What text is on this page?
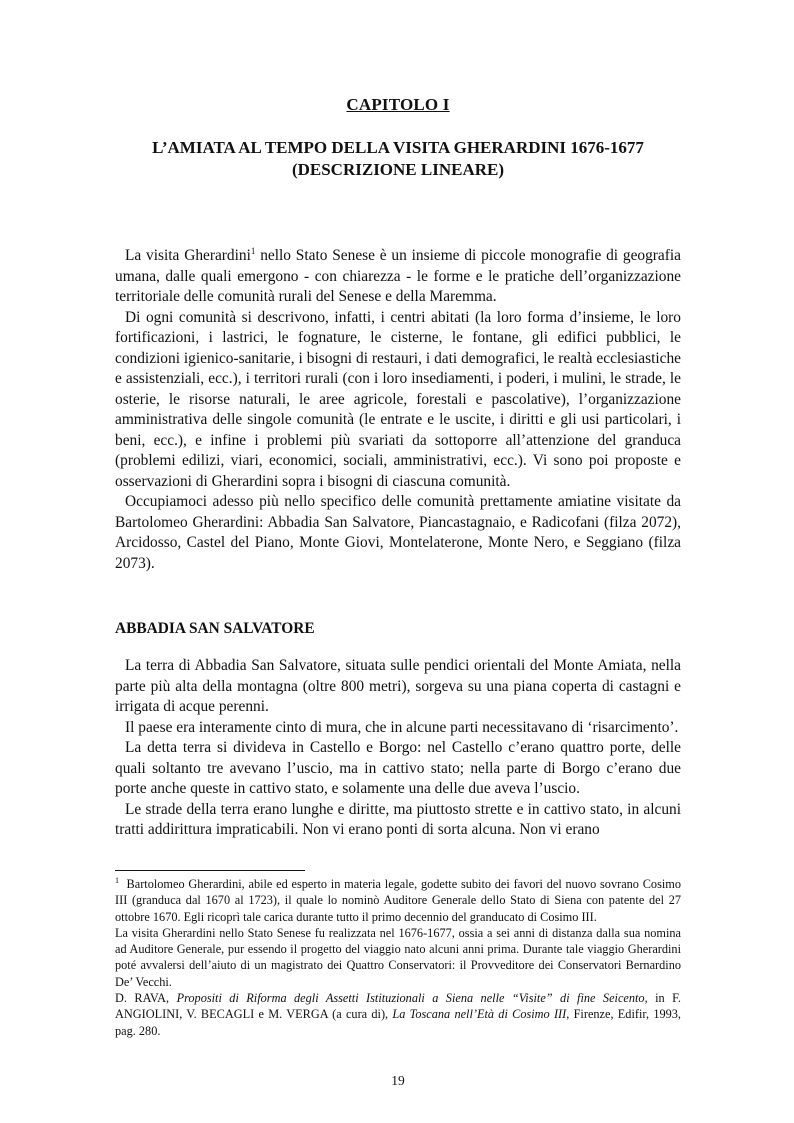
CAPITOLO I
L’AMIATA AL TEMPO DELLA VISITA GHERARDINI 1676-1677
(DESCRIZIONE LINEARE)

La visita Gherardini$^1$ nello Stato Senese è un insieme di piccole monografie di geografia umana, dalle quali emergono - con chiarezza - le forme e le pratiche dell’organizzazione territoriale delle comunità rurali del Senese e della Maremma.

Di ogni comunità si descrivono, infatti, i centri abitati (la loro forma d’insieme, le loro fortificazioni, i lastrici, le fognature, le cisterne, le fontane, gli edifici pubblici, le condizioni igienico-sanitarie, i bisogni di restauri, i dati demografici, le realtà ecclesiastiche e assistenziali, ecc.), i territori rurali (con i loro insediamenti, i poderi, i mulini, le strade, le osterie, le risorse naturali, le aree agricole, forestali e pascolative), l’organizzazione amministrativa delle singole comunità (le entrate e le uscite, i diritti e gli usi particolari, i beni, ecc.), e infine i problemi più svariati da sottoporre all’attenzione del granduca (problemi edilizi, viari, economici, sociali, amministrativi, ecc.). Vi sono poi proposte e osservazioni di Gherardini sopra i bisogni di ciascuna comunità.

Occupiamoci adesso più nello specifico delle comunità prettamente amiatine visitate da Bartolomeo Gherardini: Abbadia San Salvatore, Piancastagnaio, e Radicofani (filza 2072), Arcidosso, Castel del Piano, Monte Giovi, Montelaterone, Monte Nero, e Seggiano (filza 2073).

ABBADIA SAN SALVATORE

La terra di Abbadia San Salvatore, situata sulle pendici orientali del Monte Amiata, nella parte più alta della montagna (oltre 800 metri), sorgeva su una piana coperta di castagni e irrigata di acque perenni.

Il paese era interamente cinto di mura, che in alcune parti necessitavano di ‘risarcimento’.

La detta terra si divideva in Castello e Borgo: nel Castello c’erano quattro porte, delle quali soltanto tre avevano l’uscio, ma in cattivo stato; nella parte di Borgo c’erano due porte anche queste in cattivo stato, e solamente una delle due aveva l’uscio.

Le strade della terra erano lunghe e diritte, ma piuttosto strette e in cattivo stato, in alcuni tratti addirittura impraticabili. Non vi erano ponti di sorta alcuna. Non vi erano

$^1$ Bartolomeo Gherardini, abile ed esperto in materia legale, godette subito dei favori del nuovo sovrano Cosimo III (granduca dal 1670 al 1723), il quale lo nominò Auditore Generale dello Stato di Siena con patente del 27 ottobre 1670. Egli ricoprì tale carica durante tutto il primo decennio del granducato di Cosimo III.

La visita Gherardini nello Stato Senese fu realizzata nel 1676-1677, ossia a sei anni di distanza dalla sua nomina ad Auditore Generale, pur essendo il progetto del viaggio nato alcuni anni prima. Durante tale viaggio Gherardini poté avvalersi dell’aiuto di un magistrato dei Quattro Conservatori: il Provveditore dei Conservatori Bernardino De’ Vecchi.

D. RAVA, Propositi di Riforma degli Assetti Istituzionali a Siena nelle “Visite” di fine Seicento, in F. ANGIOLINI, V. BECAGLI e M. VERGA (a cura di), La Toscana nell’Età di Cosimo III, Firenze, Edifir, 1993, pag. 280.

19
